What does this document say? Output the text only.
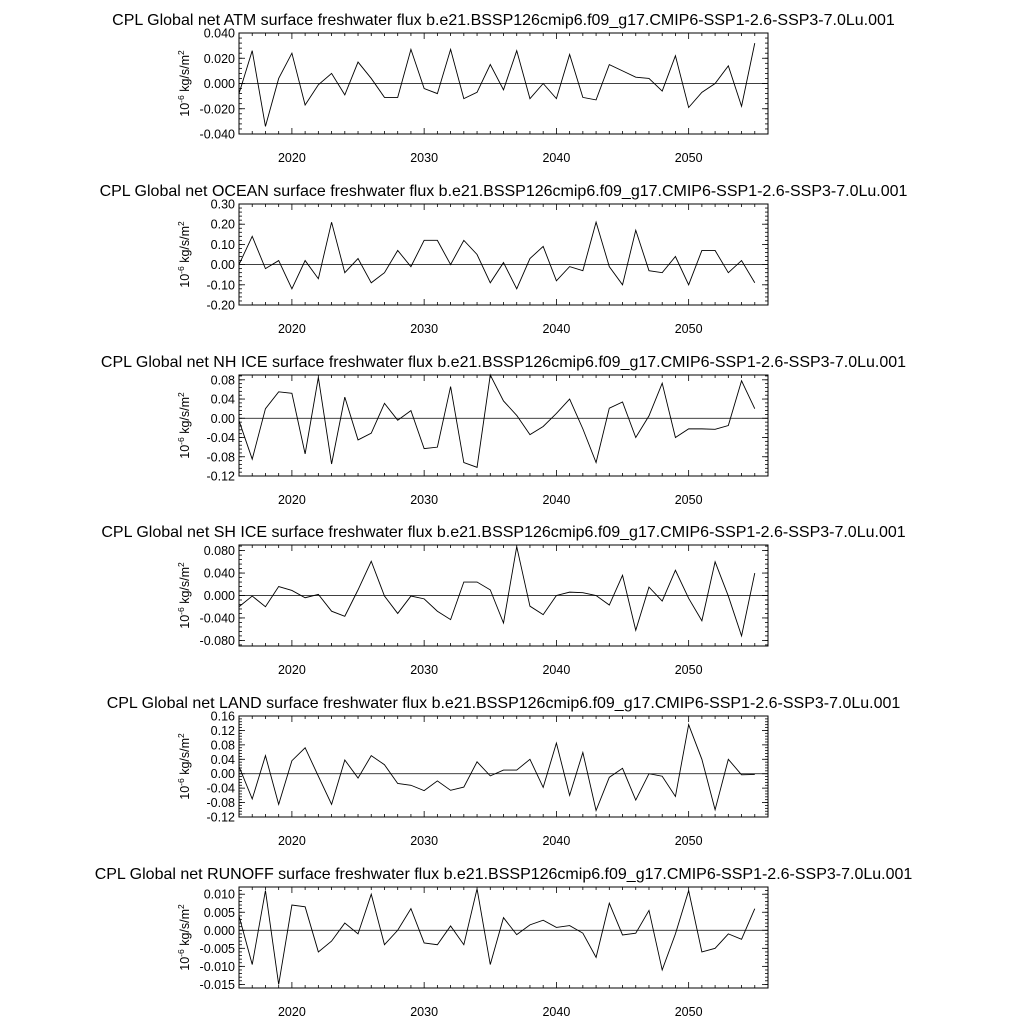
CPL Global net ATM surface freshwater flux b.e21.BSSP126cmip6.f09_g17.CMIP6-SSP1-2.6-SSP3-7.0Lu.001
2020	2030	2040	2050
-0.040
-0.020
0.000
0.020
0.040
$10^{-6}$ $kg/s/m^2$
CPL Global net OCEAN surface freshwater flux b.e21.BSSP126cmip6.f09_g17.CMIP6-SSP1-2.6-SSP3-7.0Lu.001
2020	2030	2040	2050
-0.20
-0.10
0.00
0.10
0.20
0.30
$10^{-6}$ $kg/s/m^2$
CPL Global net NH ICE surface freshwater flux b.e21.BSSP126cmip6.f09_g17.CMIP6-SSP1-2.6-SSP3-7.0Lu.001
2020	2030	2040	2050
-0.12
-0.08
-0.04
0.00
0.04
0.08
$10^{-6}$ $kg/s/m^2$
CPL Global net SH ICE surface freshwater flux b.e21.BSSP126cmip6.f09_g17.CMIP6-SSP1-2.6-SSP3-7.0Lu.001
2020	2030	2040	2050
-0.080
-0.040
0.000
0.040
0.080
$10^{-6}$ $kg/s/m^2$
CPL Global net LAND surface freshwater flux b.e21.BSSP126cmip6.f09_g17.CMIP6-SSP1-2.6-SSP3-7.0Lu.001
2020	2030	2040	2050
-0.12
-0.08
-0.04
0.00
0.04
0.08
0.12
0.16
$10^{-6}$ $kg/s/m^2$
CPL Global net RUNOFF surface freshwater flux b.e21.BSSP126cmip6.f09_g17.CMIP6-SSP1-2.6-SSP3-7.0Lu.001
2020	2030	2040	2050
-0.015
-0.010
-0.005
0.000
0.005
0.010
$10^{-6}$ $kg/s/m^2$
